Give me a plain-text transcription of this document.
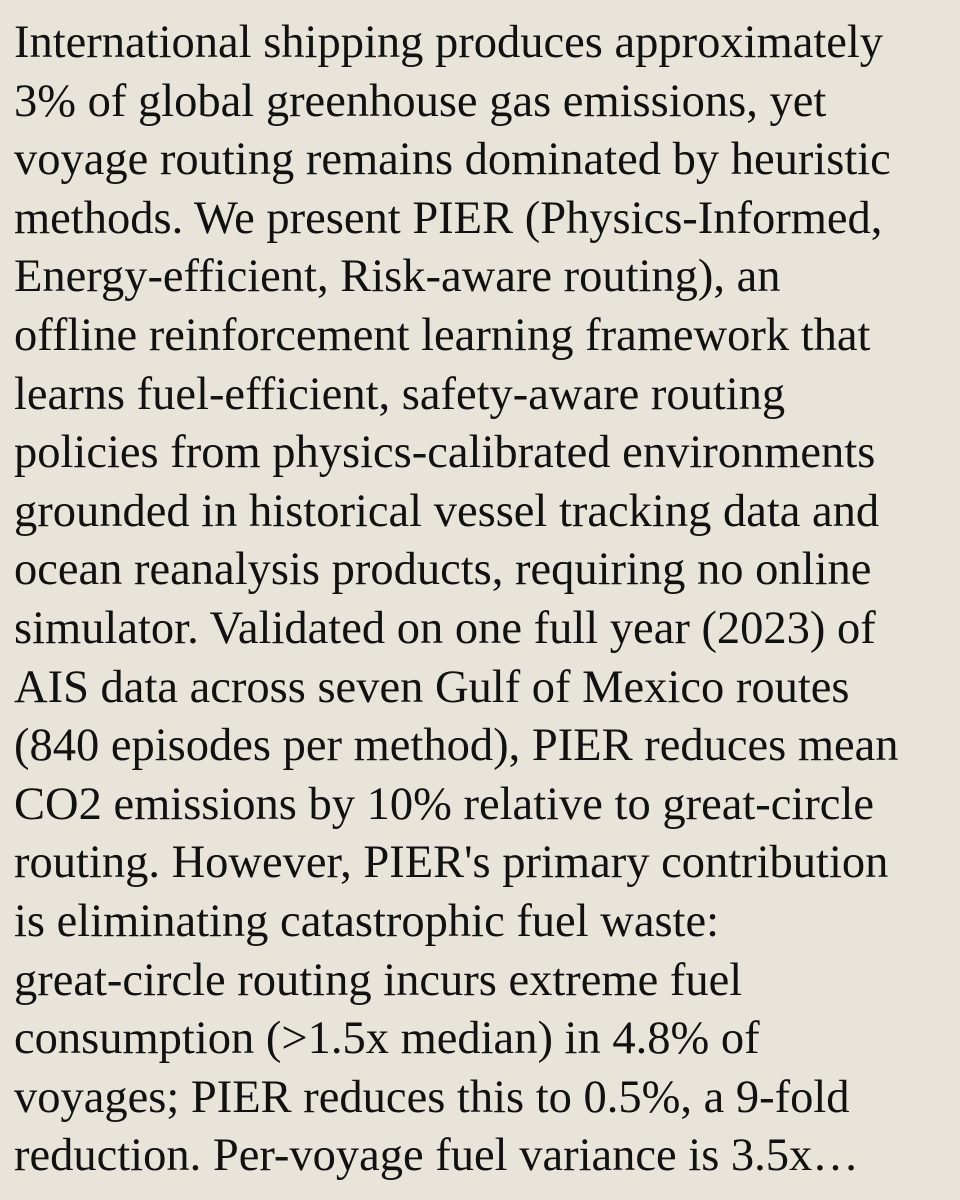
International shipping produces approximately
3% of global greenhouse gas emissions, yet
voyage routing remains dominated by heuristic
methods. We present PIER (Physics-Informed,
Energy-efficient, Risk-aware routing), an
offline reinforcement learning framework that
learns fuel-efficient, safety-aware routing
policies from physics-calibrated environments
grounded in historical vessel tracking data and
ocean reanalysis products, requiring no online
simulator. Validated on one full year (2023) of
AIS data across seven Gulf of Mexico routes
(840 episodes per method), PIER reduces mean
CO2 emissions by 10% relative to great-circle
routing. However, PIER's primary contribution
is eliminating catastrophic fuel waste:
great-circle routing incurs extreme fuel
consumption (>1.5x median) in 4.8% of
voyages; PIER reduces this to 0.5%, a 9-fold
reduction. Per-voyage fuel variance is 3.5x…
